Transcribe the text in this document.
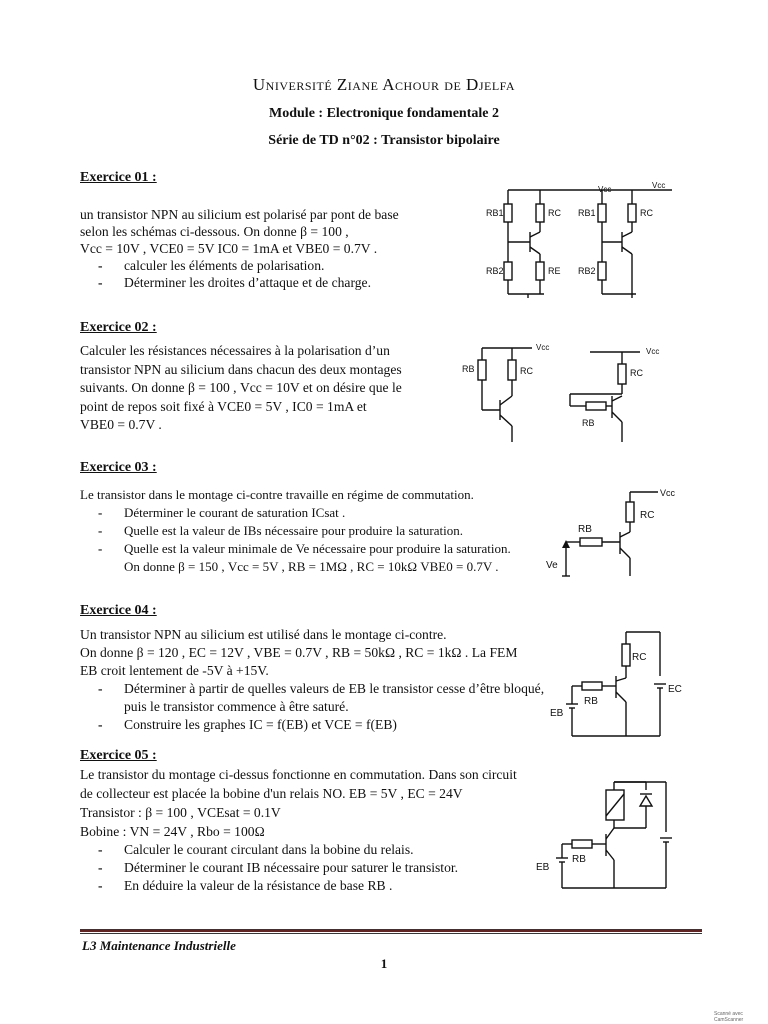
Université Ziane Achour de Djelfa
Module : Electronique fondamentale 2
Série de TD n°02 : Transistor bipolaire
Exercice 01 :

un transistor NPN au silicium est polarisé par pont de base

selon les schémas ci-dessous. On donne β = 100 ,

Vcc = 10V , VCE0 = 5V IC0 = 1mA et VBE0 = 0.7V .

- calculer les éléments de polarisation.
- Déterminer les droites d’attaque et de charge.
Vcc
RB1	RC
RB2	RE
Vcc
RB1	RC
RB2
Exercice 02 :

Calculer les résistances nécessaires à la polarisation d’un

transistor NPN au silicium dans chacun des deux montages

suivants. On donne β = 100 , Vcc = 10V et on désire que le

point de repos soit fixé à VCE0 = 5V , IC0 = 1mA et

VBE0 = 0.7V .

Vcc
RB	RC
Vcc
RC
RB
Exercice 03 :

Le transistor dans le montage ci-contre travaille en régime de commutation.

- Déterminer le courant de saturation ICsat .
- Quelle est la valeur de IBs nécessaire pour produire la saturation.
- Quelle est la valeur minimale de Ve nécessaire pour produire la saturation.

On donne β = 150 , Vcc = 5V , RB = 1MΩ , RC = 10kΩ VBE0 = 0.7V .

Vcc
RB
RC
Ve
Exercice 04 :

Un transistor NPN au silicium est utilisé dans le montage ci-contre.

On donne β = 120 , EC = 12V , VBE = 0.7V , RB = 50kΩ , RC = 1kΩ . La FEM

EB croit lentement de -5V à +15V.

- Déterminer à partir de quelles valeurs de EB le transistor cesse d’être bloqué, puis le transistor commence à être saturé.
- Construire les graphes IC = f(EB) et VCE = f(EB)
RC
RB
EB
EC
Exercice 05 :

Le transistor du montage ci-dessus fonctionne en commutation. Dans son circuit

de collecteur est placée la bobine d'un relais NO. EB = 5V , EC = 24V

Transistor : β = 100 , VCEsat = 0.1V

Bobine : VN = 24V , Rbo = 100Ω

- Calculer le courant circulant dans la bobine du relais.
- Déterminer le courant IB nécessaire pour saturer le transistor.
- En déduire la valeur de la résistance de base RB .
RB
EB
L3 Maintenance Industrielle
1
Scanné avec CamScanner
